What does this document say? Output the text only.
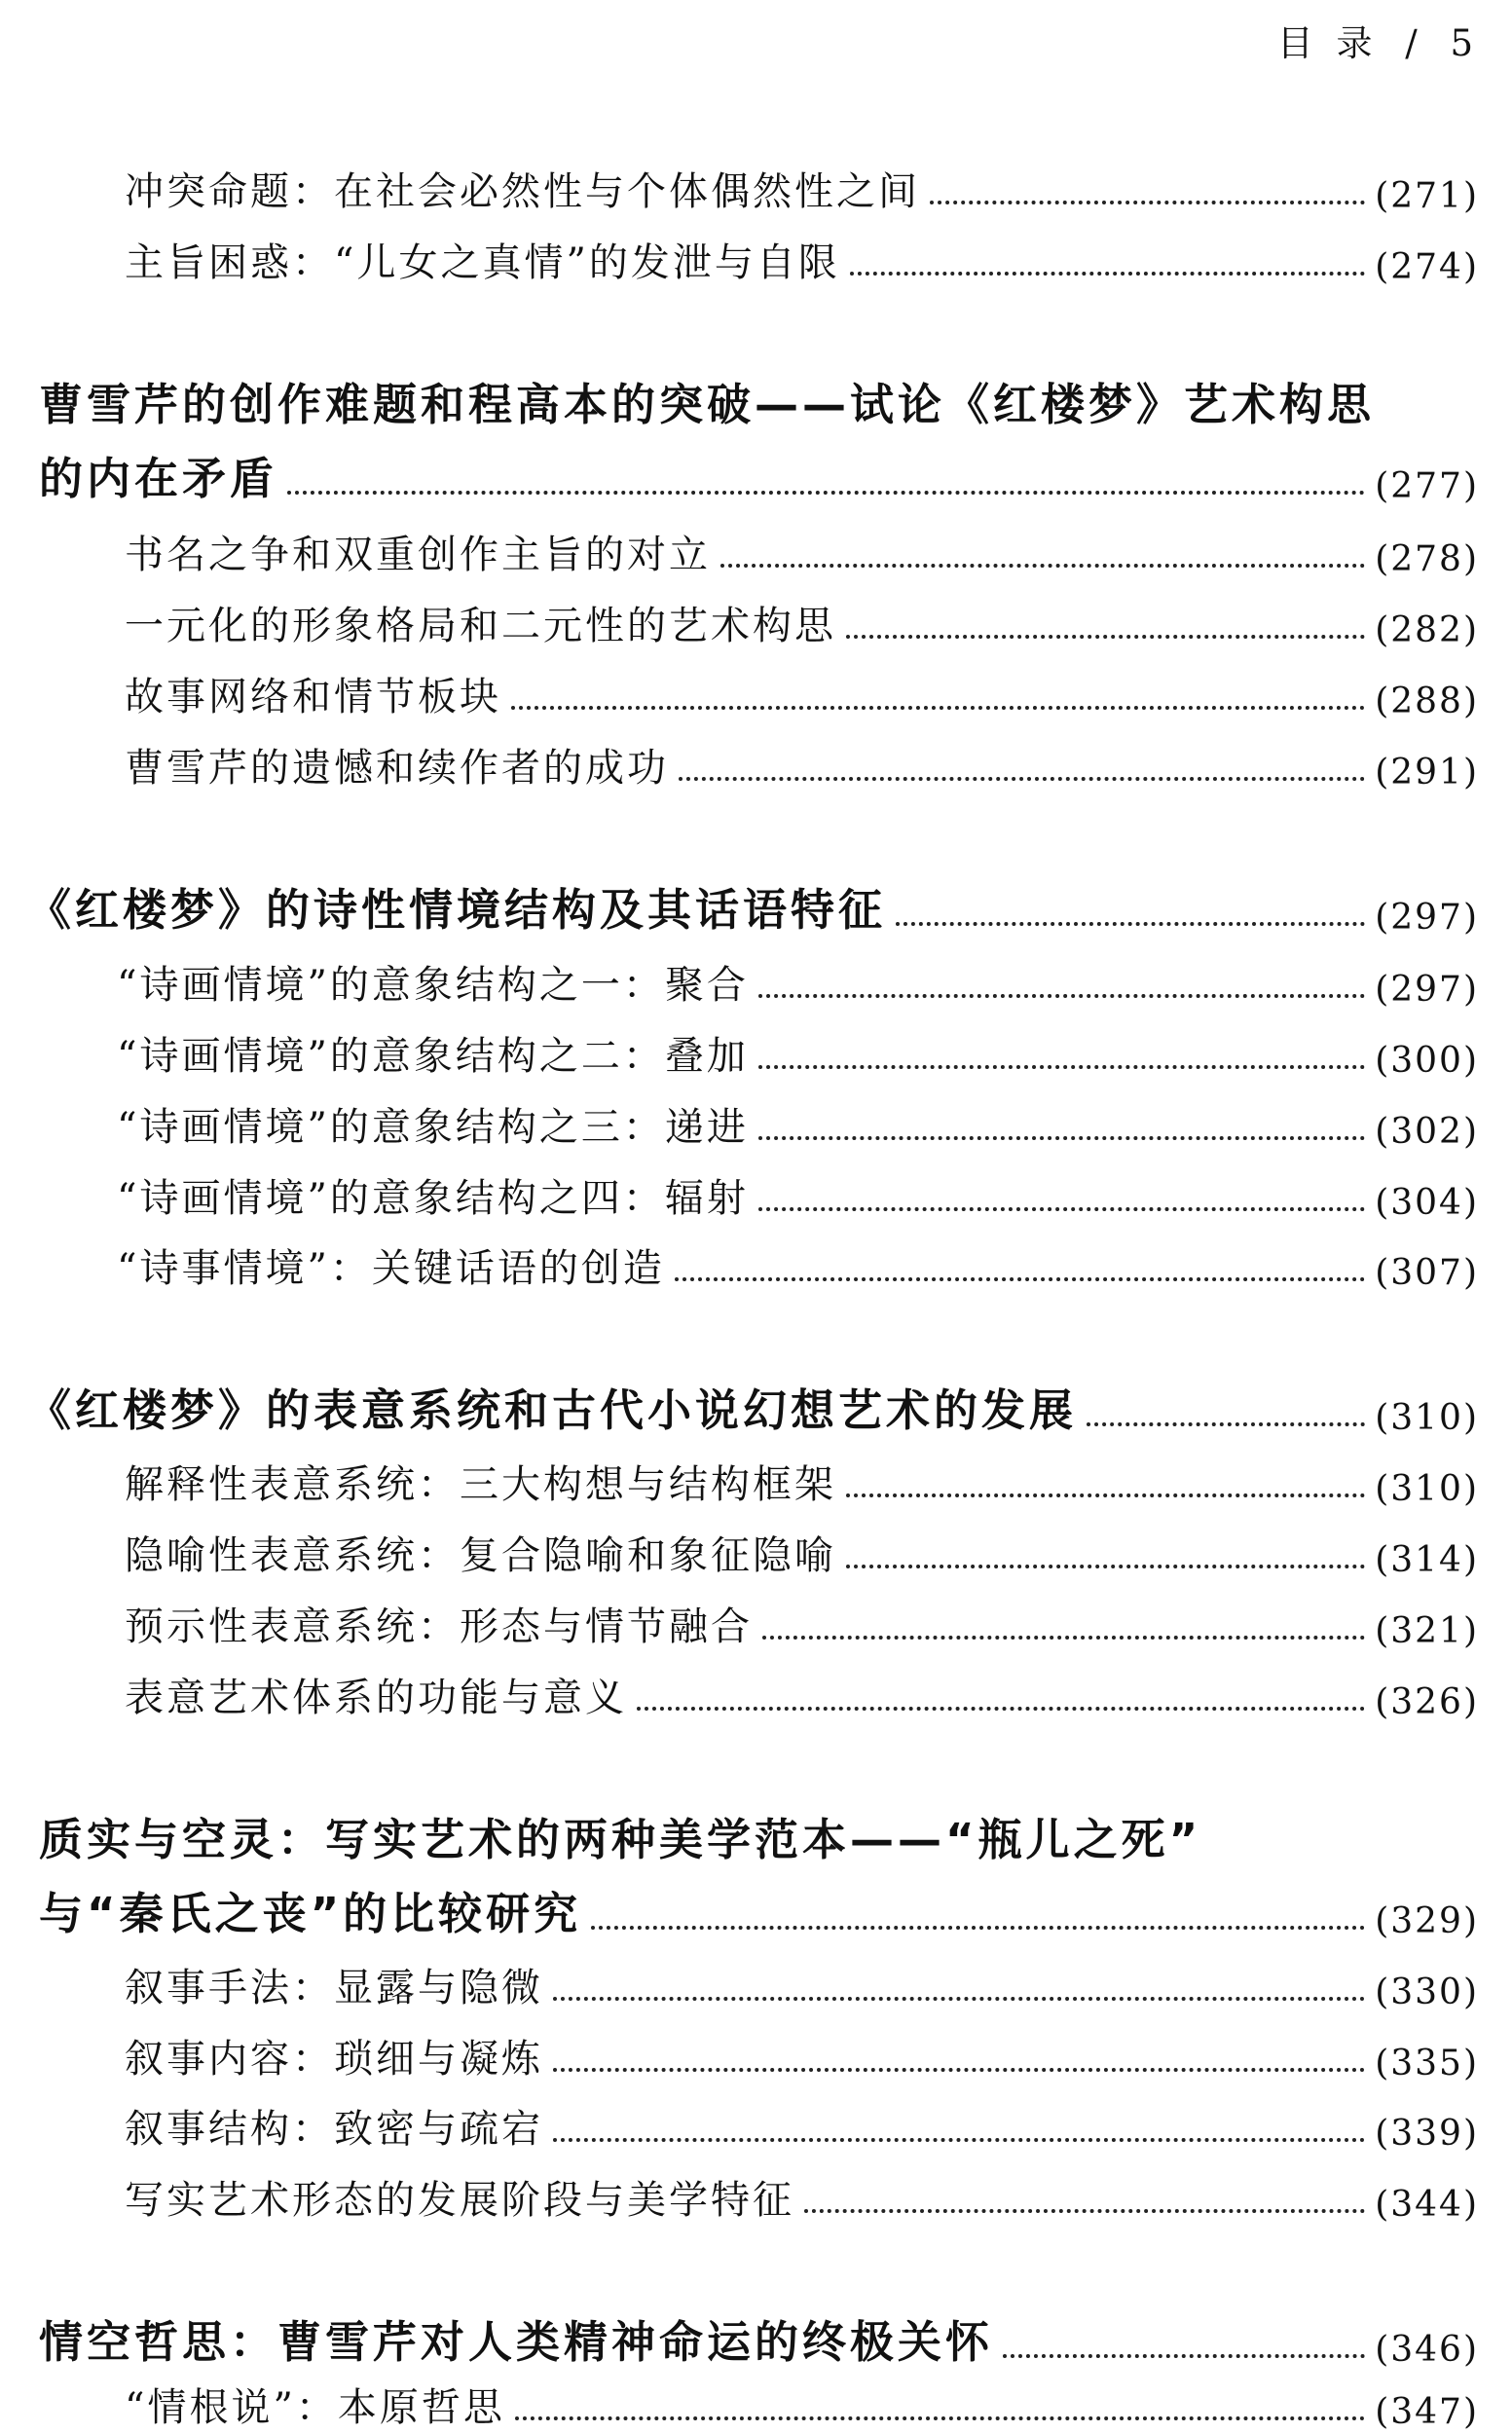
目 录 / 5
冲突命题：在社会必然性与个体偶然性之间	(271)
主旨困惑：“儿女之真情”的发泄与自限	(274)
曹雪芹的创作难题和程高本的突破——试论《红楼梦》艺术构思
的内在矛盾	(277)
书名之争和双重创作主旨的对立	(278)
一元化的形象格局和二元性的艺术构思	(282)
故事网络和情节板块	(288)
曹雪芹的遗憾和续作者的成功	(291)
《红楼梦》的诗性情境结构及其话语特征	(297)
“诗画情境”的意象结构之一：聚合	(297)
“诗画情境”的意象结构之二：叠加	(300)
“诗画情境”的意象结构之三：递进	(302)
“诗画情境”的意象结构之四：辐射	(304)
“诗事情境”：关键话语的创造	(307)
《红楼梦》的表意系统和古代小说幻想艺术的发展	(310)
解释性表意系统：三大构想与结构框架	(310)
隐喻性表意系统：复合隐喻和象征隐喻	(314)
预示性表意系统：形态与情节融合	(321)
表意艺术体系的功能与意义	(326)
质实与空灵：写实艺术的两种美学范本——“瓶儿之死”
与“秦氏之丧”的比较研究	(329)
叙事手法：显露与隐微	(330)
叙事内容：琐细与凝炼	(335)
叙事结构：致密与疏宕	(339)
写实艺术形态的发展阶段与美学特征	(344)
情空哲思：曹雪芹对人类精神命运的终极关怀	(346)
“情根说”：本原哲思	(347)
